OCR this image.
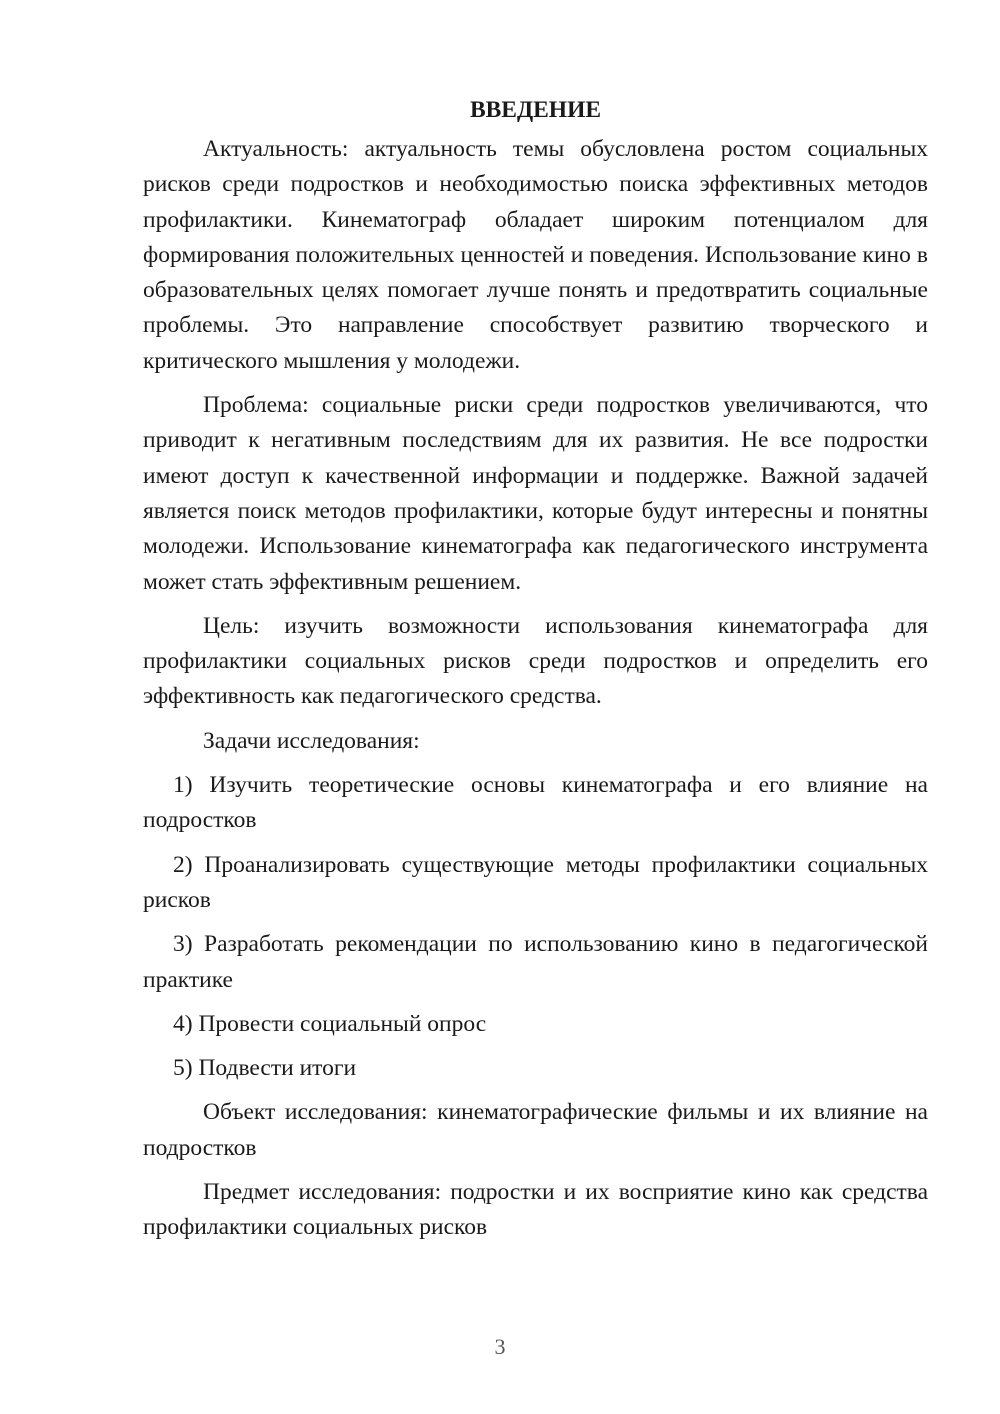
ВВЕДЕНИЕ

Актуальность: актуальность темы обусловлена ростом социальных рисков среди подростков и необходимостью поиска эффективных методов профилактики. Кинематограф обладает широким потенциалом для формирования положительных ценностей и поведения. Использование кино в образовательных целях помогает лучше понять и предотвратить социальные проблемы. Это направление способствует развитию творческого и критического мышления у молодежи.

Проблема: социальные риски среди подростков увеличиваются, что приводит к негативным последствиям для их развития. Не все подростки имеют доступ к качественной информации и поддержке. Важной задачей является поиск методов профилактики, которые будут интересны и понятны молодежи. Использование кинематографа как педагогического инструмента может стать эффективным решением.

Цель: изучить возможности использования кинематографа для профилактики социальных рисков среди подростков и определить его эффективность как педагогического средства.

Задачи исследования:

1) Изучить теоретические основы кинематографа и его влияние на подростков

2) Проанализировать существующие методы профилактики социальных рисков

3) Разработать рекомендации по использованию кино в педагогической практике

4) Провести социальный опрос

5) Подвести итоги

Объект исследования: кинематографические фильмы и их влияние на подростков

Предмет исследования: подростки и их восприятие кино как средства профилактики социальных рисков

3
